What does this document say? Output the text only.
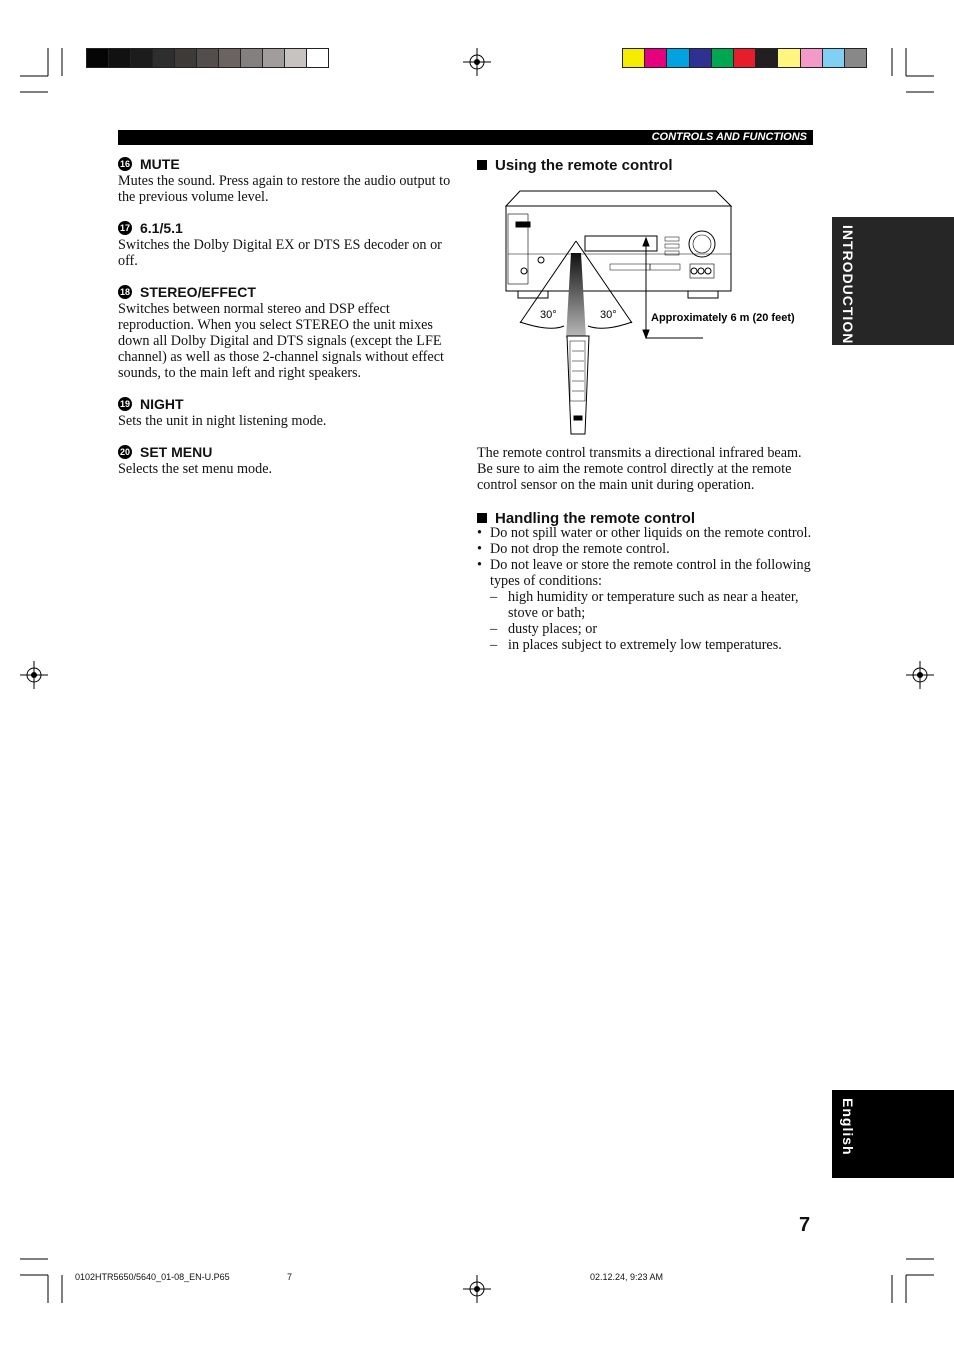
CONTROLS AND FUNCTIONS
INTRODUCTION
English
16 MUTE
Mutes the sound. Press again to restore the audio output to the previous volume level.
17 6.1/5.1
Switches the Dolby Digital EX or DTS ES decoder on or off.
18 STEREO/EFFECT
Switches between normal stereo and DSP effect reproduction. When you select STEREO the unit mixes down all Dolby Digital and DTS signals (except the LFE channel) as well as those 2-channel signals without effect sounds, to the main left and right speakers.
19 NIGHT
Sets the unit in night listening mode.
20 SET MENU
Selects the set menu mode.
Using the remote control
30°	30°	Approximately 6 m (20 feet)
The remote control transmits a directional infrared beam. Be sure to aim the remote control directly at the remote control sensor on the main unit during operation.
Handling the remote control
• Do not spill water or other liquids on the remote control.
• Do not drop the remote control.
• Do not leave or store the remote control in the following types of conditions:
– high humidity or temperature such as near a heater, stove or bath;
– dusty places; or
– in places subject to extremely low temperatures.
7
0102HTR5650/5640_01-08_EN-U.P65	7	02.12.24, 9:23 AM
